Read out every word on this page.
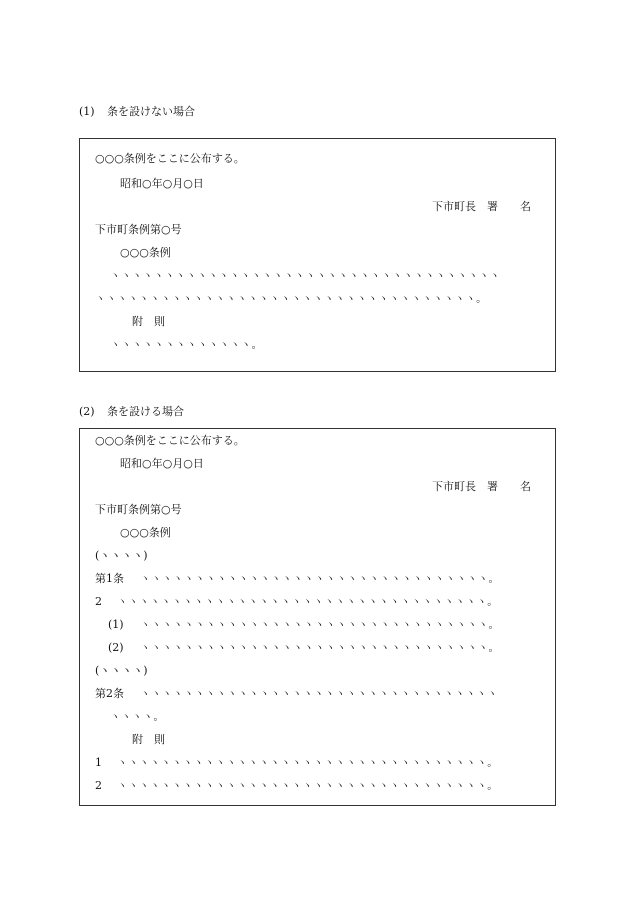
(1) 条を設けない場合
○○○条例をここに公布する。
昭和○年○月○日
下市町長　署　　名
下市町条例第○号
○○○条例
ヽヽヽヽヽヽヽヽヽヽヽヽヽヽヽヽヽヽヽヽヽヽヽヽヽヽヽヽヽヽヽヽヽヽヽヽ
ヽヽヽヽヽヽヽヽヽヽヽヽヽヽヽヽヽヽヽヽヽヽヽヽヽヽヽヽヽヽヽヽヽヽヽ。
附　則
ヽヽヽヽヽヽヽヽヽヽヽヽヽ。
(2) 条を設ける場合
○○○条例をここに公布する。
昭和○年○月○日
下市町長　署　　名
下市町条例第○号
○○○条例
(ヽヽヽヽ)
第1条 ヽヽヽヽヽヽヽヽヽヽヽヽヽヽヽヽヽヽヽヽヽヽヽヽヽヽヽヽヽヽヽヽ。
2 ヽヽヽヽヽヽヽヽヽヽヽヽヽヽヽヽヽヽヽヽヽヽヽヽヽヽヽヽヽヽヽヽヽヽ。
(1) ヽヽヽヽヽヽヽヽヽヽヽヽヽヽヽヽヽヽヽヽヽヽヽヽヽヽヽヽヽヽヽヽ。
(2) ヽヽヽヽヽヽヽヽヽヽヽヽヽヽヽヽヽヽヽヽヽヽヽヽヽヽヽヽヽヽヽヽ。
(ヽヽヽヽ)
第2条 ヽヽヽヽヽヽヽヽヽヽヽヽヽヽヽヽヽヽヽヽヽヽヽヽヽヽヽヽヽヽヽヽヽ
ヽヽヽヽ。
附　則
1 ヽヽヽヽヽヽヽヽヽヽヽヽヽヽヽヽヽヽヽヽヽヽヽヽヽヽヽヽヽヽヽヽヽヽ。
2 ヽヽヽヽヽヽヽヽヽヽヽヽヽヽヽヽヽヽヽヽヽヽヽヽヽヽヽヽヽヽヽヽヽヽ。
